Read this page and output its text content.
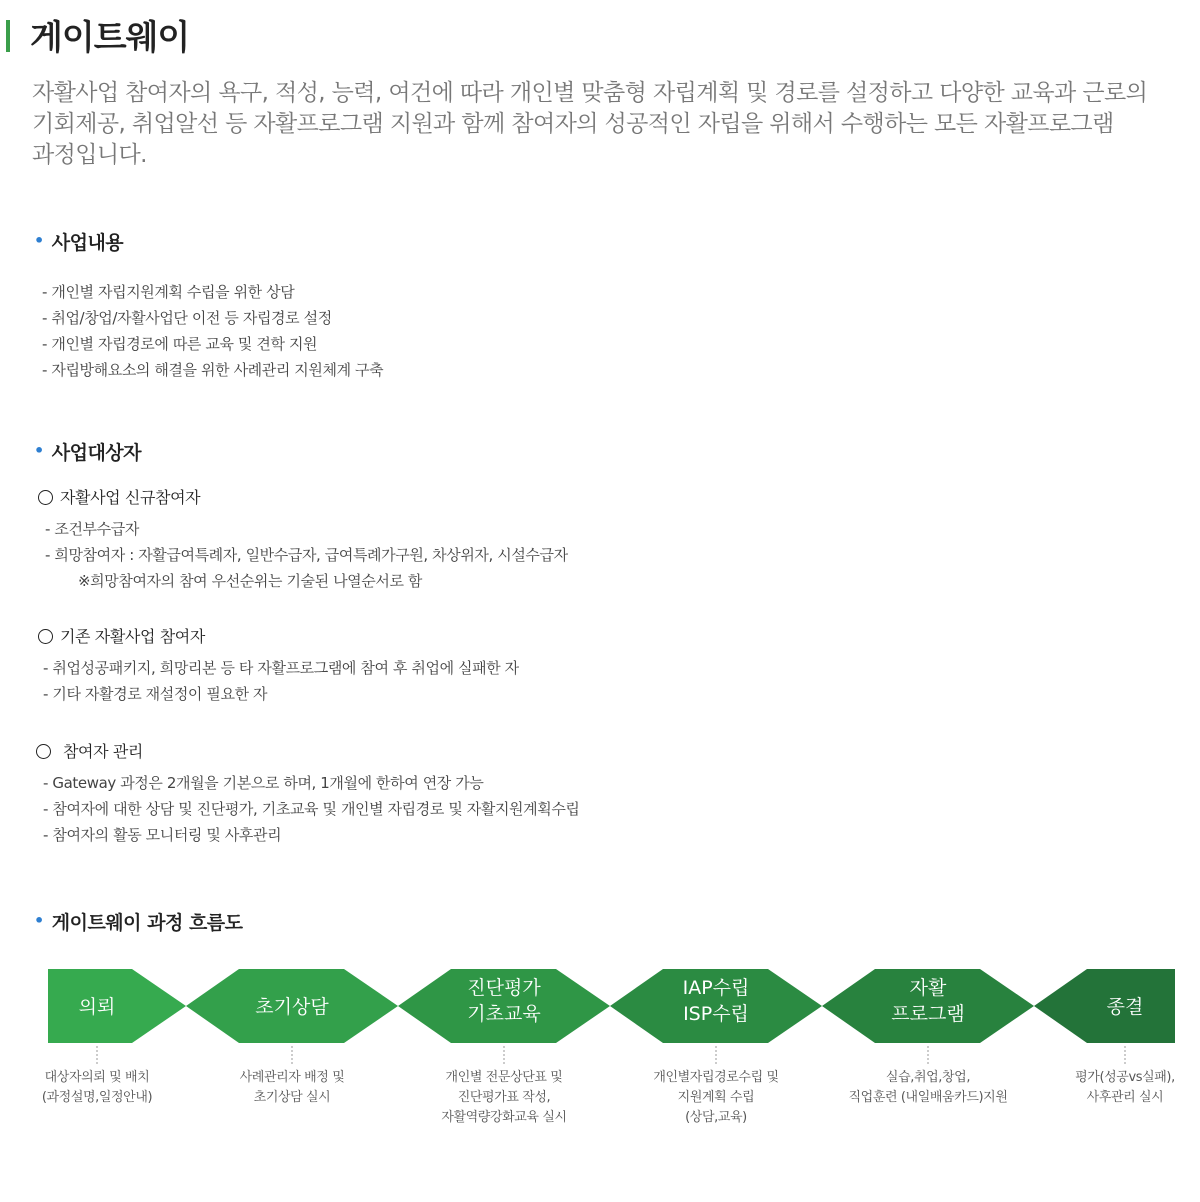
게이트웨이

자활사업 참여자의 욕구, 적성, 능력, 여건에 따라 개인별 맞춤형 자립계획 및 경로를 설정하고 다양한 교육과 근로의

기회제공, 취업알선 등 자활프로그램 지원과 함께 참여자의 성공적인 자립을 위해서 수행하는 모든 자활프로그램

과정입니다.

• 사업내용
- 개인별 자립지원계획 수립을 위한 상담
- 취업/창업/자활사업단 이전 등 자립경로 설정
- 개인별 자립경로에 따른 교육 및 견학 지원
- 자립방해요소의 해결을 위한 사례관리 지원체계 구축
• 사업대상자
자활사업 신규참여자
- 조건부수급자
- 희망참여자 : 자활급여특례자, 일반수급자, 급여특례가구원, 차상위자, 시설수급자
※희망참여자의 참여 우선순위는 기술된 나열순서로 함
기존 자활사업 참여자
- 취업성공패키지, 희망리본 등 타 자활프로그램에 참여 후 취업에 실패한 자
- 기타 자활경로 재설정이 필요한 자
참여자 관리
- Gateway 과정은 2개월을 기본으로 하며, 1개월에 한하여 연장 가능
- 참여자에 대한 상담 및 진단평가, 기초교육 및 개인별 자립경로 및 자활지원계획수립
- 참여자의 활동 모니터링 및 사후관리
• 게이트웨이 과정 흐름도
의뢰
대상자의뢰 및 배치
(과정설명,일정안내)
초기상담
사례관리자 배정 및
초기상담 실시
진단평가
기초교육
개인별 전문상단표 및
진단평가표 작성,
자활역량강화교육 실시
IAP수립
ISP수립
개인별자립경로수립 및
지원계획 수립
(상담,교육)
자활
프로그램
실습,취업,창업,
직업훈련 (내일배움카드)지원
종결
평가(성공vs실패),
사후관리 실시
